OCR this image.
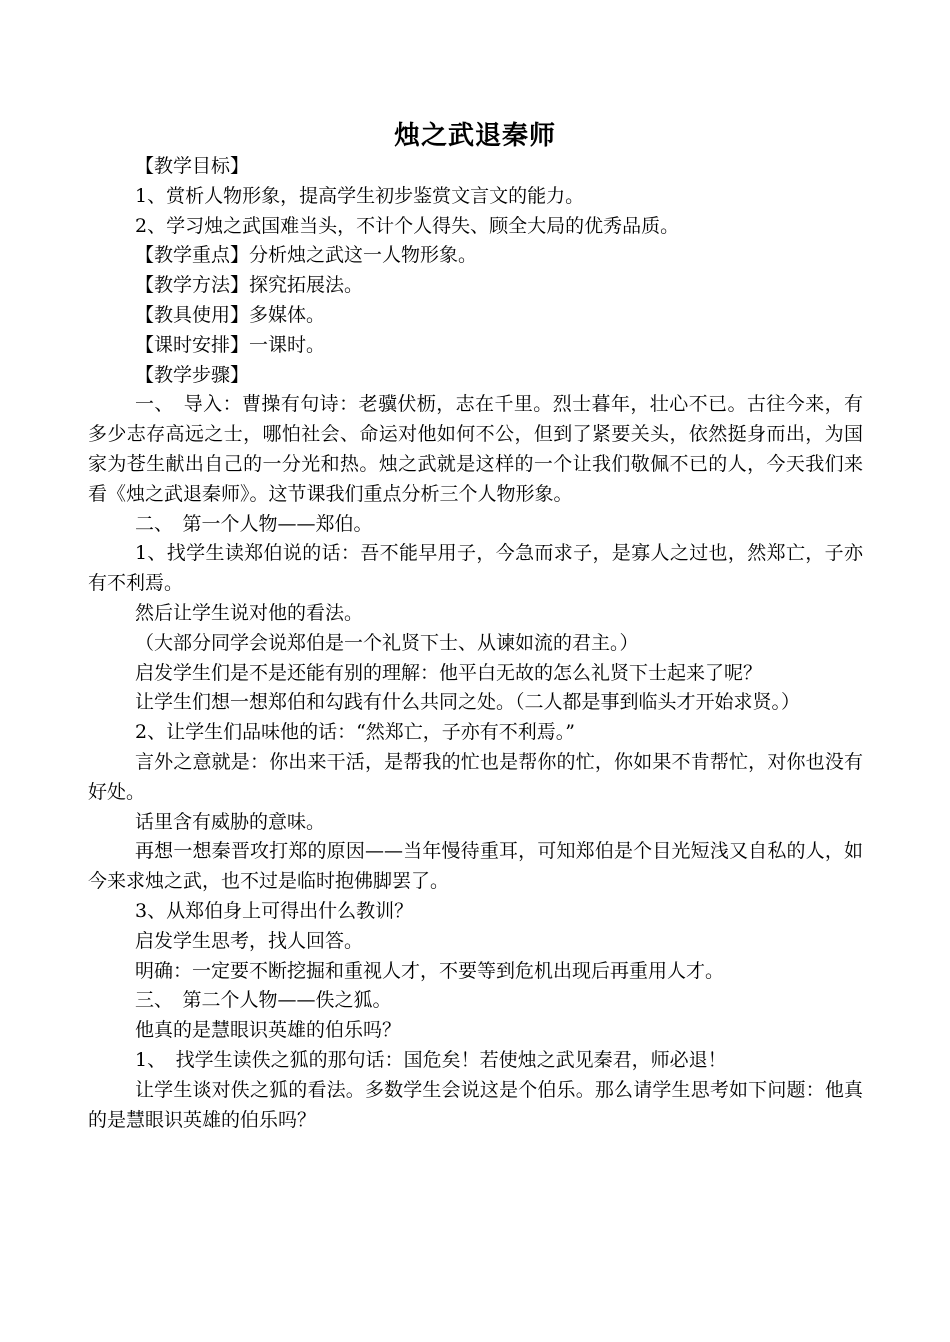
烛之武退秦师

【教学目标】

1、赏析人物形象，提高学生初步鉴赏文言文的能力。

2、学习烛之武国难当头，不计个人得失、顾全大局的优秀品质。

【教学重点】分析烛之武这一人物形象。

【教学方法】探究拓展法。

【教具使用】多媒体。

【课时安排】一课时。

【教学步骤】

一、　导入：曹操有句诗：老骥伏枥，志在千里。烈士暮年，壮心不已。古往今来，有多少志存高远之士，哪怕社会、命运对他如何不公，但到了紧要关头，依然挺身而出，为国家为苍生献出自己的一分光和热。烛之武就是这样的一个让我们敬佩不已的人，今天我们来看《烛之武退秦师》。这节课我们重点分析三个人物形象。

二、　第一个人物——郑伯。

1、找学生读郑伯说的话：吾不能早用子，今急而求子，是寡人之过也，然郑亡，子亦有不利焉。

然后让学生说对他的看法。

（大部分同学会说郑伯是一个礼贤下士、从谏如流的君主。）

启发学生们是不是还能有别的理解：他平白无故的怎么礼贤下士起来了呢？

让学生们想一想郑伯和勾践有什么共同之处。（二人都是事到临头才开始求贤。）

2、让学生们品味他的话：“然郑亡，子亦有不利焉。”

言外之意就是：你出来干活，是帮我的忙也是帮你的忙，你如果不肯帮忙，对你也没有好处。

话里含有威胁的意味。

再想一想秦晋攻打郑的原因——当年慢待重耳，可知郑伯是个目光短浅又自私的人，如今来求烛之武，也不过是临时抱佛脚罢了。

3、从郑伯身上可得出什么教训？

启发学生思考，找人回答。

明确：一定要不断挖掘和重视人才，不要等到危机出现后再重用人才。

三、　第二个人物——佚之狐。

他真的是慧眼识英雄的伯乐吗？

1、　找学生读佚之狐的那句话：国危矣！若使烛之武见秦君，师必退！

让学生谈对佚之狐的看法。多数学生会说这是个伯乐。那么请学生思考如下问题：他真的是慧眼识英雄的伯乐吗？
